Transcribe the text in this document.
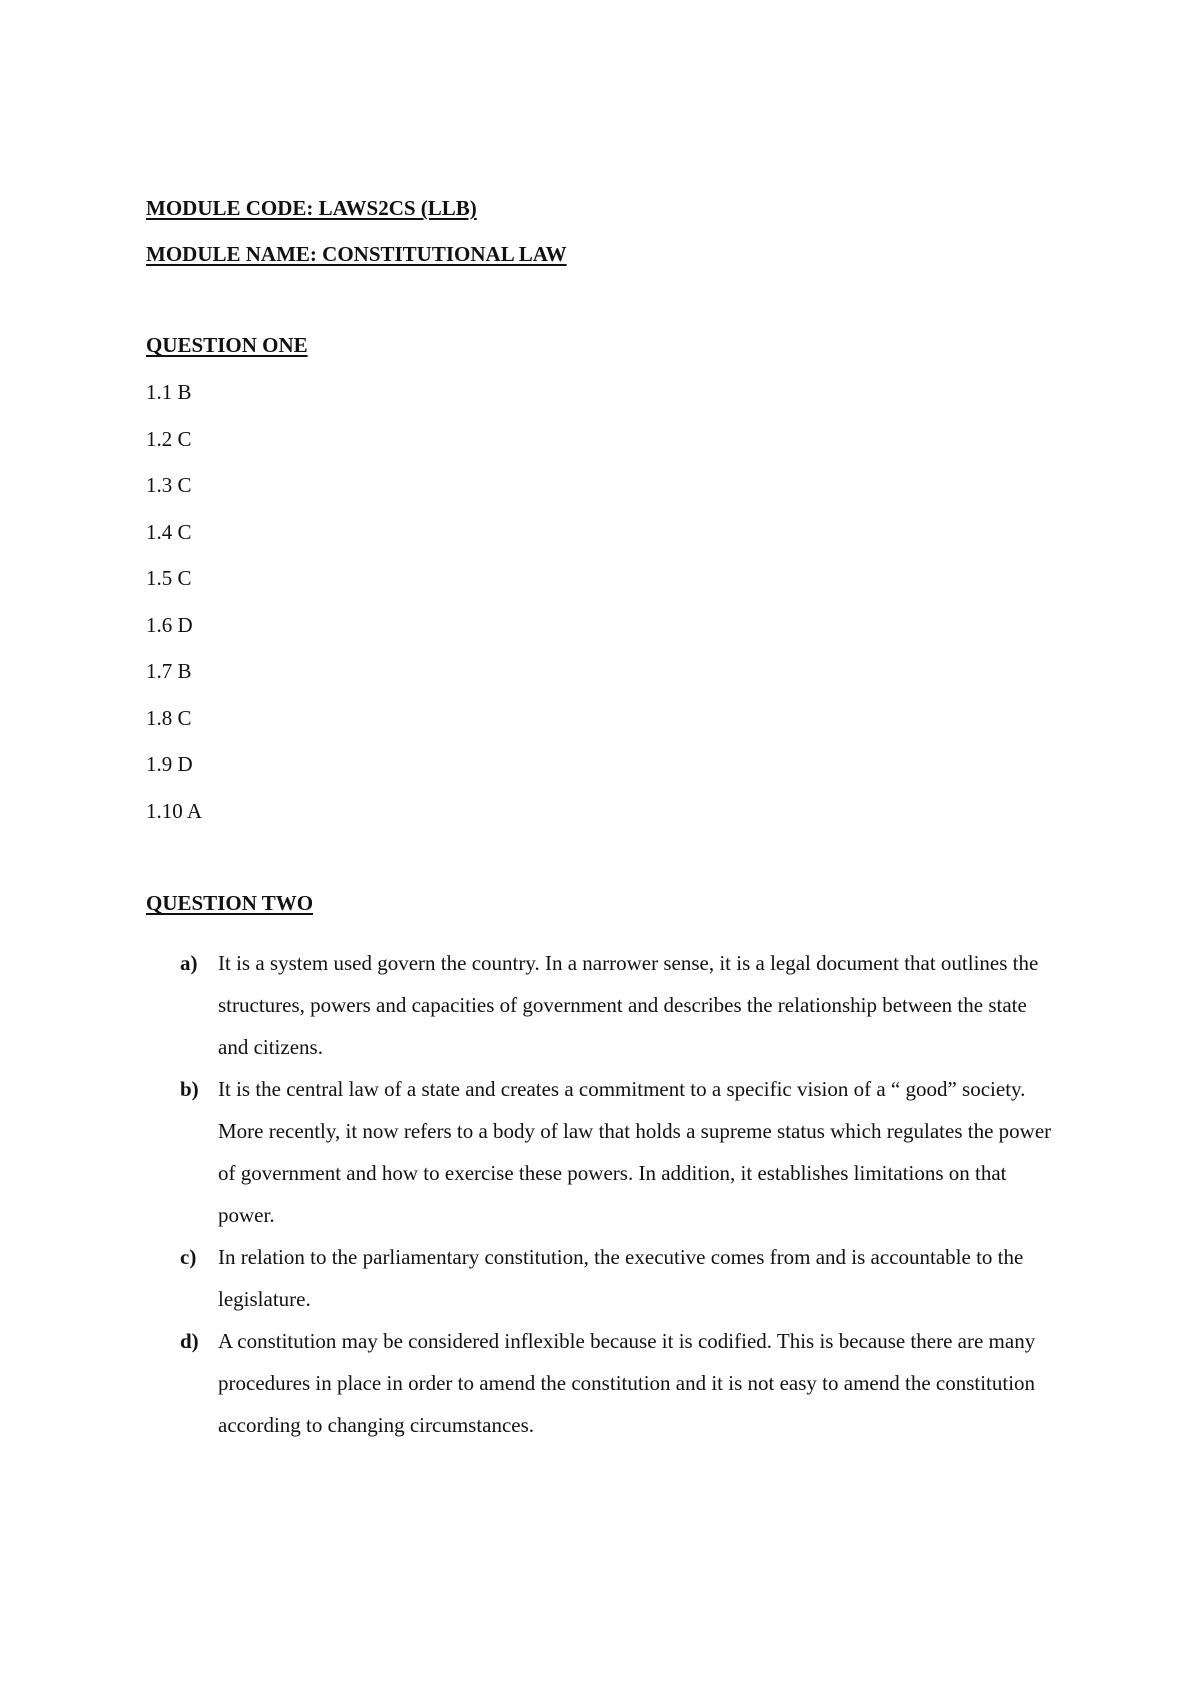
MODULE CODE: LAWS2CS (LLB)
MODULE NAME: CONSTITUTIONAL LAW
QUESTION ONE
1.1 B
1.2 C
1.3 C
1.4 C
1.5 C
1.6 D
1.7 B
1.8 C
1.9 D
1.10 A
QUESTION TWO
a) It is a system used govern the country. In a narrower sense, it is a legal document that outlines the structures, powers and capacities of government and describes the relationship between the state and citizens.
b) It is the central law of a state and creates a commitment to a specific vision of a “ good” society. More recently, it now refers to a body of law that holds a supreme status which regulates the power of government and how to exercise these powers. In addition, it establishes limitations on that power.
c) In relation to the parliamentary constitution, the executive comes from and is accountable to the legislature.
d) A constitution may be considered inflexible because it is codified. This is because there are many procedures in place in order to amend the constitution and it is not easy to amend the constitution according to changing circumstances.
